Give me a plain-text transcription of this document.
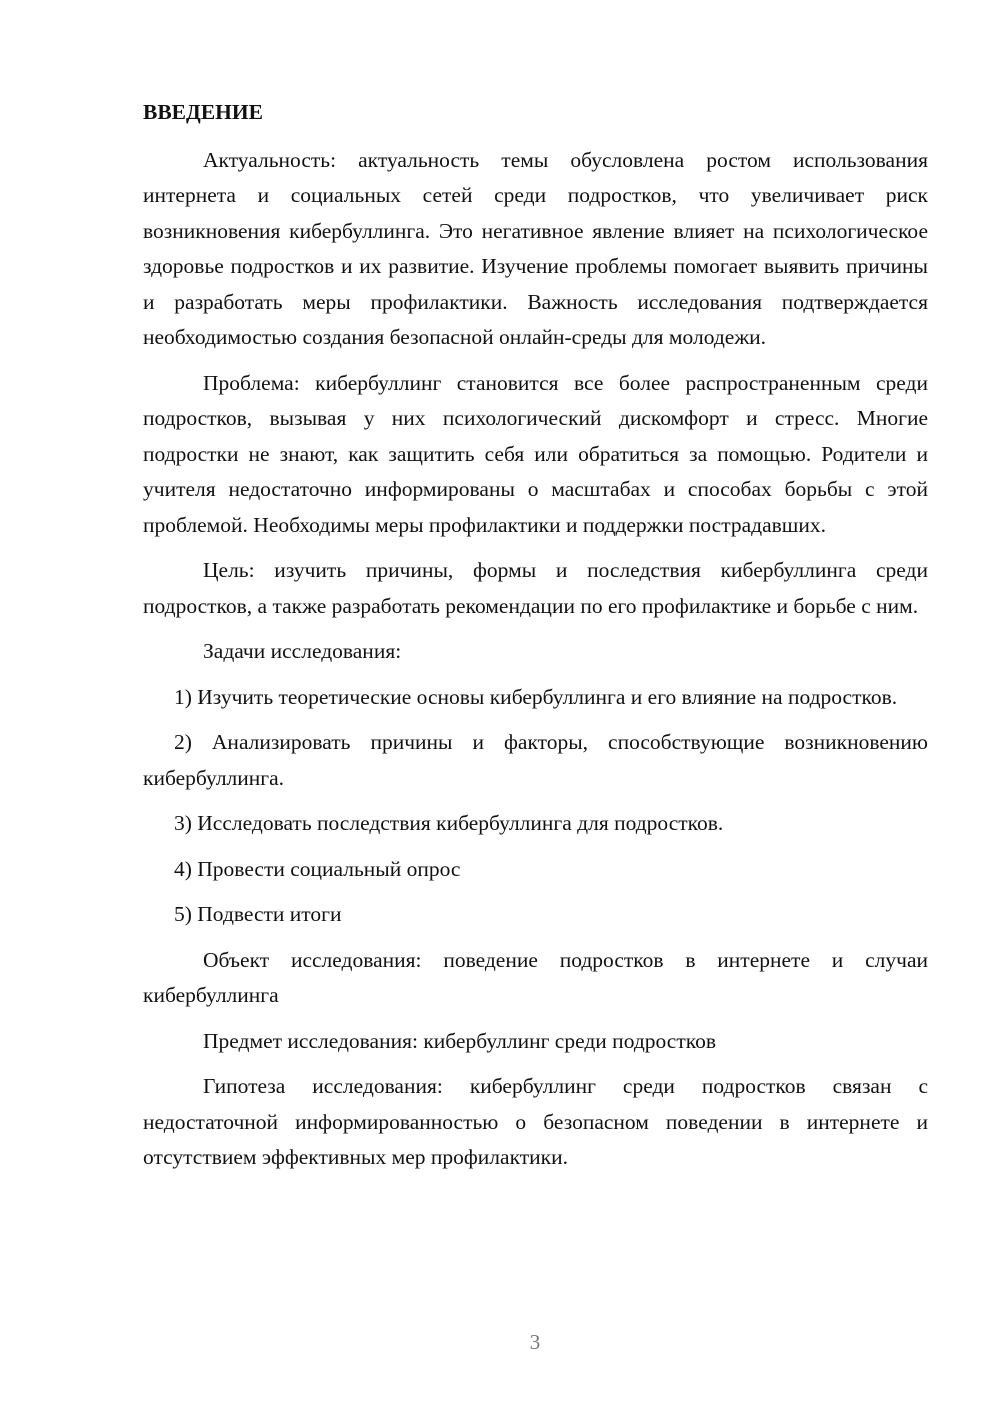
ВВЕДЕНИЕ

Актуальность: актуальность темы обусловлена ростом использования интернета и социальных сетей среди подростков, что увеличивает риск возникновения кибербуллинга. Это негативное явление влияет на психологическое здоровье подростков и их развитие. Изучение проблемы помогает выявить причины и разработать меры профилактики. Важность исследования подтверждается необходимостью создания безопасной онлайн-среды для молодежи.

Проблема: кибербуллинг становится все более распространенным среди подростков, вызывая у них психологический дискомфорт и стресс. Многие подростки не знают, как защитить себя или обратиться за помощью. Родители и учителя недостаточно информированы о масштабах и способах борьбы с этой проблемой. Необходимы меры профилактики и поддержки пострадавших.

Цель: изучить причины, формы и последствия кибербуллинга среди подростков, а также разработать рекомендации по его профилактике и борьбе с ним.

Задачи исследования:

1) Изучить теоретические основы кибербуллинга и его влияние на подростков.

2) Анализировать причины и факторы, способствующие возникновению кибербуллинга.

3) Исследовать последствия кибербуллинга для подростков.

4) Провести социальный опрос

5) Подвести итоги

Объект исследования: поведение подростков в интернете и случаи кибербуллинга

Предмет исследования: кибербуллинг среди подростков

Гипотеза исследования: кибербуллинг среди подростков связан с недостаточной информированностью о безопасном поведении в интернете и отсутствием эффективных мер профилактики.

3
